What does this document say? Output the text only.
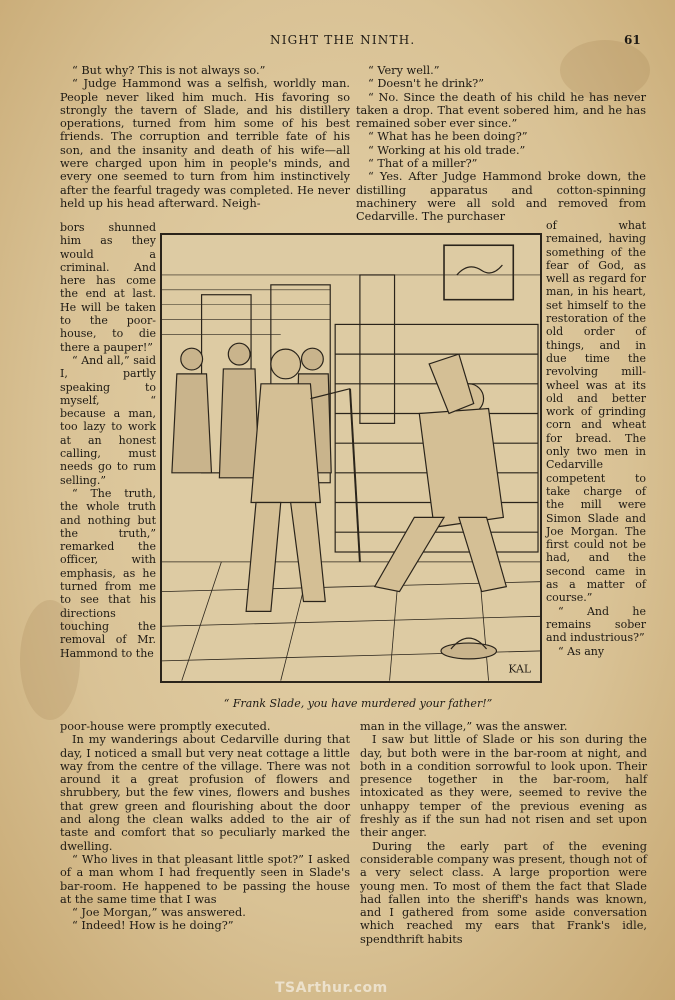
NIGHT THE NINTH.	61

“ But why? This is not always so.”

“ Judge Hammond was a selfish, worldly man. People never liked him much. His favoring so strongly the tavern of Slade, and his distillery operations, turned from him some of his best friends. The corruption and terrible fate of his son, and the insanity and death of his wife—all were charged upon him in people's minds, and every one seemed to turn from him instinctively after the fearful tragedy was completed. He never held up his head afterward. Neigh-

“ Very well.”

“ Doesn't he drink?”

“ No. Since the death of his child he has never taken a drop. That event sobered him, and he has remained sober ever since.”

“ What has he been doing?”

“ Working at his old trade.”

“ That of a miller?”

“ Yes. After Judge Hammond broke down, the distilling apparatus and cotton-spinning machinery were all sold and removed from Cedarville. The purchaser

bors shunned him as they would a criminal. And here has come the end at last. He will be taken to the poor-house, to die there a pauper!”

“ And all,” said I, partly speaking to myself, “ because a man, too lazy to work at an honest calling, must needs go to rum selling.”

“ The truth, the whole truth and nothing but the truth,” remarked the officer, with emphasis, as he turned from me to see that his directions touching the removal of Mr. Hammond to the

of what remained, having something of the fear of God, as well as regard for man, in his heart, set himself to the restoration of the old order of things, and in due time the revolving mill-wheel was at its old and better work of grinding corn and wheat for bread. The only two men in Cedarville competent to take charge of the mill were Simon Slade and Joe Morgan. The first could not be had, and the second came in as a matter of course.”

“ And he remains sober and industrious?”

“ As any

KAL
“ Frank Slade, you have murdered your father!”

poor-house were promptly executed.

In my wanderings about Cedarville during that day, I noticed a small but very neat cottage a little way from the centre of the village. There was not around it a great profusion of flowers and shrubbery, but the few vines, flowers and bushes that grew green and flourishing about the door and along the clean walks added to the air of taste and comfort that so peculiarly marked the dwelling.

“ Who lives in that pleasant little spot?” I asked of a man whom I had frequently seen in Slade's bar-room. He happened to be passing the house at the same time that I was

“ Joe Morgan,” was answered.

“ Indeed! How is he doing?”

man in the village,” was the answer.

I saw but little of Slade or his son during the day, but both were in the bar-room at night, and both in a condition sorrowful to look upon. Their presence together in the bar-room, half intoxicated as they were, seemed to revive the unhappy temper of the previous evening as freshly as if the sun had not risen and set upon their anger.

During the early part of the evening considerable company was present, though not of a very select class. A large proportion were young men. To most of them the fact that Slade had fallen into the sheriff's hands was known, and I gathered from some aside conversation which reached my ears that Frank's idle, spendthrift habits

TSArthur.com
